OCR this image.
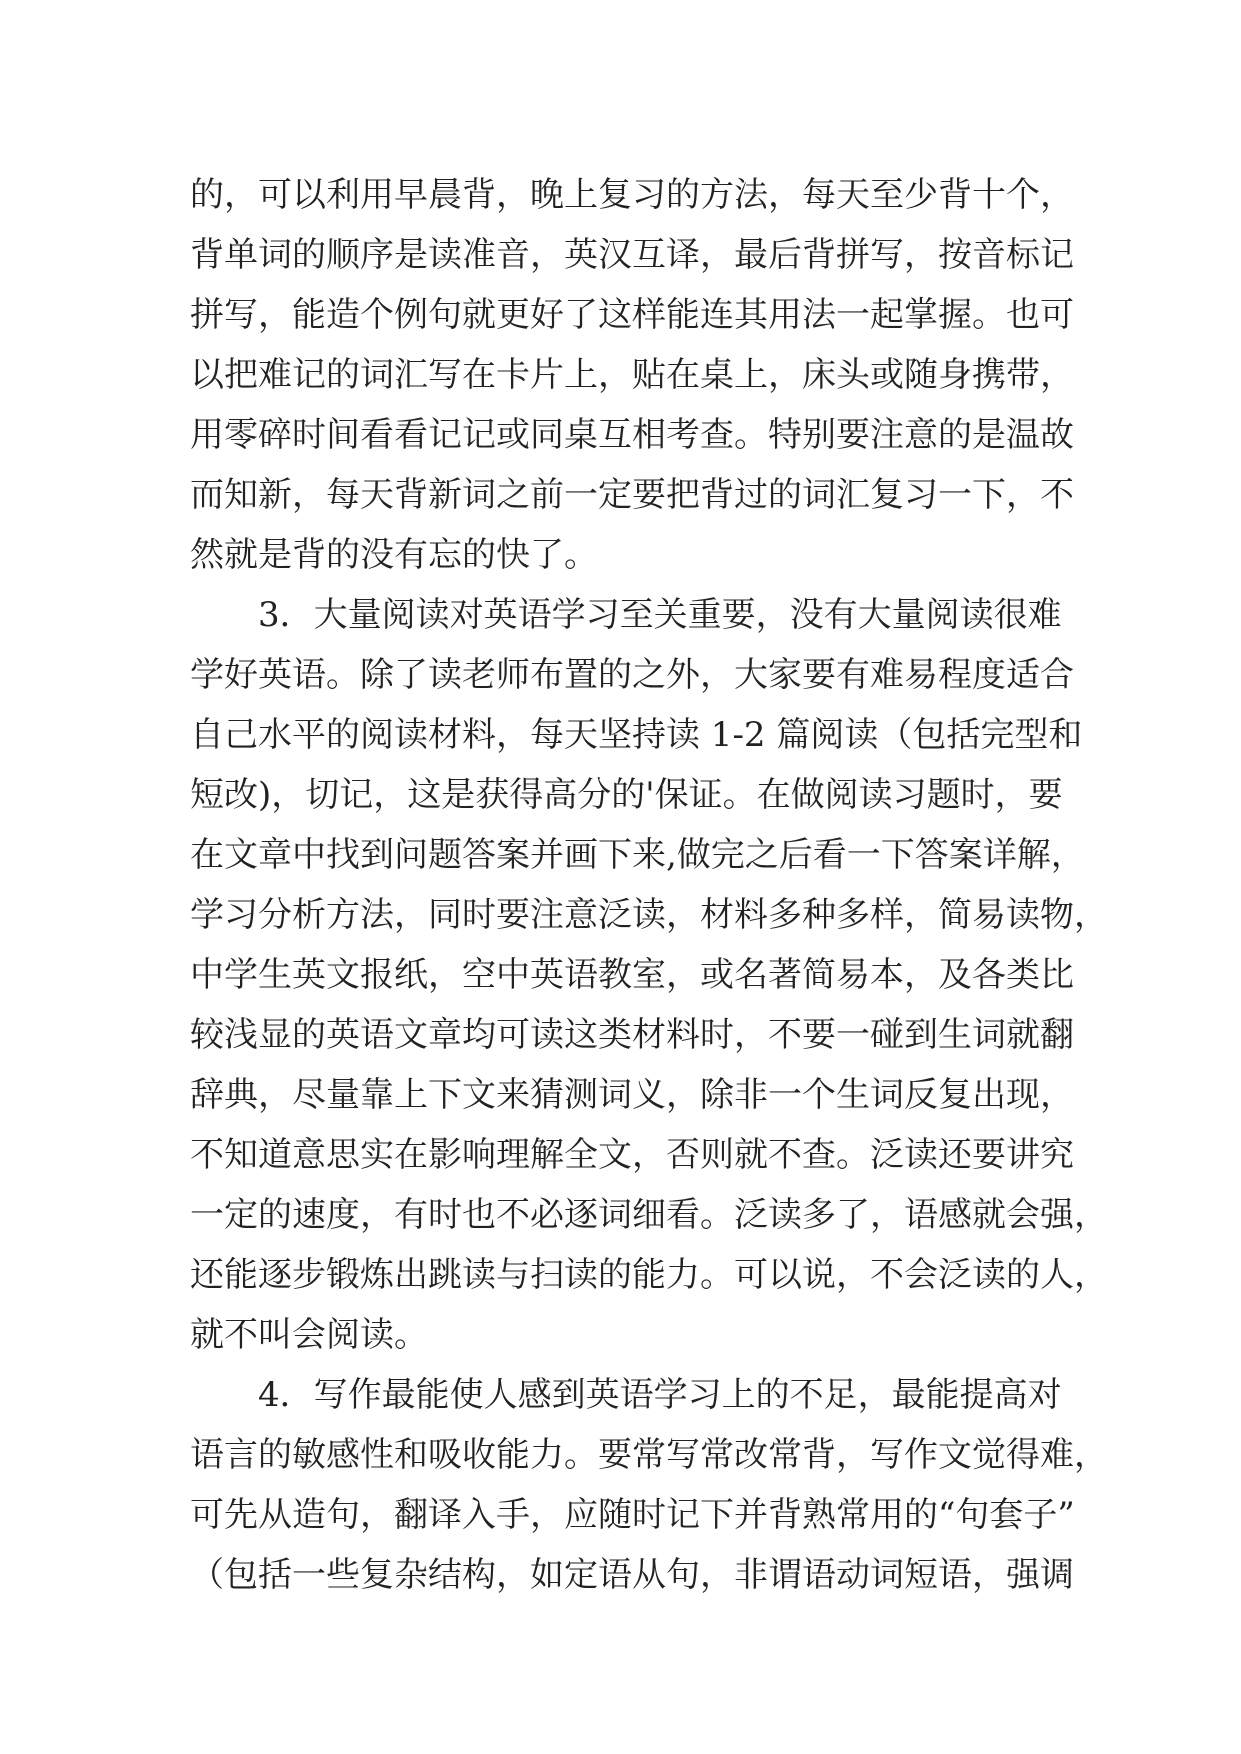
的，可以利用早晨背，晚上复习的方法，每天至少背十个，
背单词的顺序是读准音，英汉互译，最后背拼写，按音标记
拼写，能造个例句就更好了这样能连其用法一起掌握。也可
以把难记的词汇写在卡片上，贴在桌上，床头或随身携带，
用零碎时间看看记记或同桌互相考查。特别要注意的是温故
而知新，每天背新词之前一定要把背过的词汇复习一下，不
然就是背的没有忘的快了。
3．大量阅读对英语学习至关重要，没有大量阅读很难
学好英语。除了读老师布置的之外，大家要有难易程度适合
自己水平的阅读材料，每天坚持读 1-2 篇阅读（包括完型和
短改)，切记，这是获得高分的'保证。在做阅读习题时，要
在文章中找到问题答案并画下来,做完之后看一下答案详解，
学习分析方法，同时要注意泛读，材料多种多样，简易读物，
中学生英文报纸，空中英语教室，或名著简易本，及各类比
较浅显的英语文章均可读这类材料时，不要一碰到生词就翻
辞典，尽量靠上下文来猜测词义，除非一个生词反复出现，
不知道意思实在影响理解全文，否则就不查。泛读还要讲究
一定的速度，有时也不必逐词细看。泛读多了，语感就会强，
还能逐步锻炼出跳读与扫读的能力。可以说，不会泛读的人，
就不叫会阅读。
4．写作最能使人感到英语学习上的不足，最能提高对
语言的敏感性和吸收能力。要常写常改常背，写作文觉得难，
可先从造句，翻译入手，应随时记下并背熟常用的“句套子”
（包括一些复杂结构，如定语从句，非谓语动词短语，强调
